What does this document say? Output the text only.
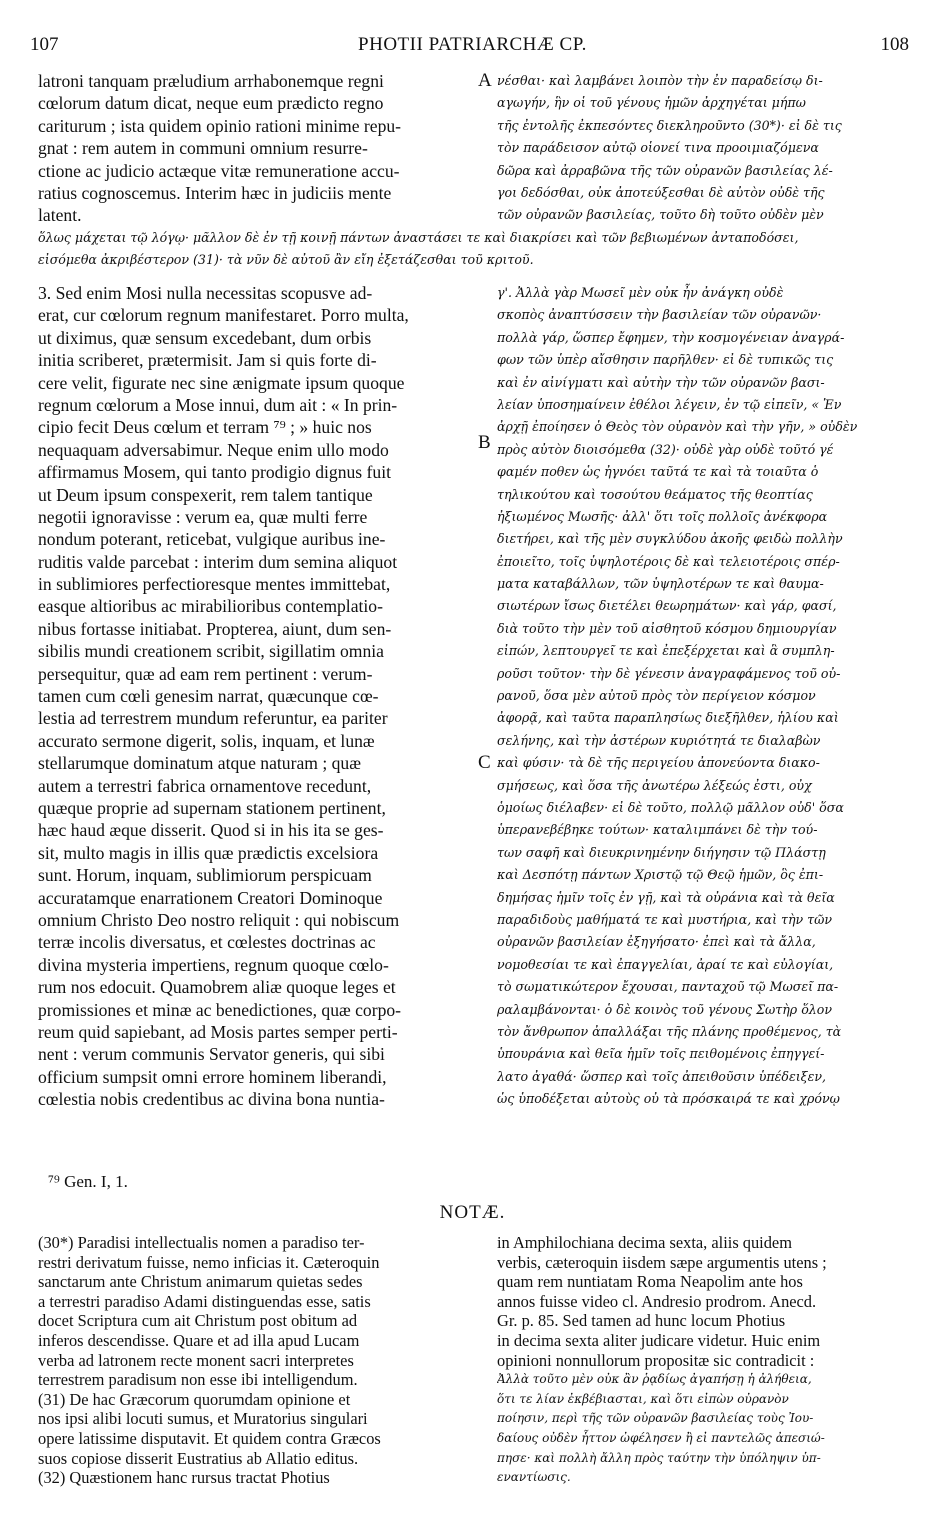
107	PHOTII PATRIARCHÆ CP.	108
A
B
C
latroni tanquam præludium arrhabonemque regni
cœlorum datum dicat, neque eum prædicto regno
cariturum ; ista quidem opinio rationi minime repu-
gnat : rem autem in communi omnium resurre-
ctione ac judicio actæque vitæ remuneratione accu-
ratius cognoscemus. Interim hæc in judiciis mente
latent.
νέσθαι· καὶ λαμβάνει λοιπὸν τὴν ἐν παραδείσῳ δι-
αγωγήν, ἣν οἱ τοῦ γένους ἡμῶν ἀρχηγέται μήπω
τῆς ἐντολῆς ἐκπεσόντες διεκληροῦντο (30*)· εἰ δὲ τις
τὸν παράδεισον αὐτῷ οἱονεί τινα προοιμιαζόμενα
δῶρα καὶ ἀρραβῶνα τῆς τῶν οὐρανῶν βασιλείας λέ-
γοι δεδόσθαι, οὐκ ἀποτεύξεσθαι δὲ αὐτὸν οὐδὲ τῆς
τῶν οὐρανῶν βασιλείας, τοῦτο δὴ τοῦτο οὐδὲν μὲν
ὅλως μάχεται τῷ λόγῳ· μᾶλλον δὲ ἐν τῇ κοινῇ πάντων ἀναστάσει τε καὶ διακρίσει καὶ τῶν βεβιωμένων ἀνταποδόσει,
εἰσόμεθα ἀκριβέστερον (31)· τὰ νῦν δὲ αὐτοῦ ἂν εἴη ἐξετάζεσθαι τοῦ κριτοῦ.
3. Sed enim Mosi nulla necessitas scopusve ad-
erat, cur cœlorum regnum manifestaret. Porro multa,
ut diximus, quæ sensum excedebant, dum orbis
initia scriberet, prætermisit. Jam si quis forte di-
cere velit, figurate nec sine ænigmate ipsum quoque
regnum cœlorum a Mose innui, dum ait : « In prin-
cipio fecit Deus cœlum et terram ⁷⁹ ; » huic nos
nequaquam adversabimur. Neque enim ullo modo
affirmamus Mosem, qui tanto prodigio dignus fuit
ut Deum ipsum conspexerit, rem talem tantique
negotii ignoravisse : verum ea, quæ multi ferre
nondum poterant, reticebat, vulgique auribus ine-
ruditis valde parcebat : interim dum semina aliquot
in sublimiores perfectioresque mentes immittebat,
easque altioribus ac mirabilioribus contemplatio-
nibus fortasse initiabat. Propterea, aiunt, dum sen-
sibilis mundi creationem scribit, sigillatim omnia
persequitur, quæ ad eam rem pertinent : verum-
tamen cum cœli genesim narrat, quæcunque cœ-
lestia ad terrestrem mundum referuntur, ea pariter
accurato sermone digerit, solis, inquam, et lunæ
stellarumque dominatum atque naturam ; quæ
autem a terrestri fabrica ornamentove recedunt,
quæque proprie ad supernam stationem pertinent,
hæc haud æque disserit. Quod si in his ita se ges-
sit, multo magis in illis quæ prædictis excelsiora
sunt. Horum, inquam, sublimiorum perspicuam
accuratamque enarrationem Creatori Dominoque
omnium Christo Deo nostro reliquit : qui nobiscum
terræ incolis diversatus, et cœlestes doctrinas ac
divina mysteria impertiens, regnum quoque cœlo-
rum nos edocuit. Quamobrem aliæ quoque leges et
promissiones et minæ ac benedictiones, quæ corpo-
reum quid sapiebant, ad Mosis partes semper perti-
nent : verum communis Servator generis, qui sibi
officium sumpsit omni errore hominem liberandi,
cœlestia nobis credentibus ac divina bona nuntia-
γ'. Ἀλλὰ γὰρ Μωσεῖ μὲν οὐκ ἦν ἀνάγκη οὐδὲ
σκοπὸς ἀναπτύσσειν τὴν βασιλείαν τῶν οὐρανῶν·
πολλὰ γάρ, ὥσπερ ἔφημεν, τὴν κοσμογένειαν ἀναγρά-
φων τῶν ὑπὲρ αἴσθησιν παρῆλθεν· εἰ δὲ τυπικῶς τις
καὶ ἐν αἰνίγματι καὶ αὐτὴν τὴν τῶν οὐρανῶν βασι-
λείαν ὑποσημαίνειν ἐθέλοι λέγειν, ἐν τῷ εἰπεῖν, « Ἐν
ἀρχῇ ἐποίησεν ὁ Θεὸς τὸν οὐρανὸν καὶ τὴν γῆν, » οὐδὲν
πρὸς αὐτὸν διοισόμεθα (32)· οὐδὲ γὰρ οὐδὲ τοῦτό γέ
φαμέν ποθεν ὡς ἠγνόει ταῦτά τε καὶ τὰ τοιαῦτα ὁ
τηλικούτου καὶ τοσούτου θεάματος τῆς θεοπτίας
ἠξιωμένος Μωσῆς· ἀλλ' ὅτι τοῖς πολλοῖς ἀνέκφορα
διετήρει, καὶ τῆς μὲν συγκλύδου ἀκοῆς φειδὼ πολλὴν
ἐποιεῖτο, τοῖς ὑψηλοτέροις δὲ καὶ τελειοτέροις σπέρ-
ματα καταβάλλων, τῶν ὑψηλοτέρων τε καὶ θαυμα-
σιωτέρων ἴσως διετέλει θεωρημάτων· καὶ γάρ, φασί,
διὰ τοῦτο τὴν μὲν τοῦ αἰσθητοῦ κόσμου δημιουργίαν
εἰπών, λεπτουργεῖ τε καὶ ἐπεξέρχεται καὶ ἃ συμπλη-
ροῦσι τοῦτον· τὴν δὲ γένεσιν ἀναγραφάμενος τοῦ οὐ-
ρανοῦ, ὅσα μὲν αὐτοῦ πρὸς τὸν περίγειον κόσμον
ἀφορᾷ, καὶ ταῦτα παραπλησίως διεξῆλθεν, ἡλίου καὶ
σελήνης, καὶ τὴν ἀστέρων κυριότητά τε διαλαβὼν
καὶ φύσιν· τὰ δὲ τῆς περιγείου ἀπονεύοντα διακο-
σμήσεως, καὶ ὅσα τῆς ἀνωτέρω λέξεώς ἐστι, οὐχ
ὁμοίως διέλαβεν· εἰ δὲ τοῦτο, πολλῷ μᾶλλον οὐδ' ὅσα
ὑπερανεβέβηκε τούτων· καταλιμπάνει δὲ τὴν τού-
των σαφῆ καὶ διευκρινημένην διήγησιν τῷ Πλάστῃ
καὶ Δεσπότῃ πάντων Χριστῷ τῷ Θεῷ ἡμῶν, ὃς ἐπι-
δημήσας ἡμῖν τοῖς ἐν γῇ, καὶ τὰ οὐράνια καὶ τὰ θεῖα
παραδιδοὺς μαθήματά τε καὶ μυστήρια, καὶ τὴν τῶν
οὐρανῶν βασιλείαν ἐξηγήσατο· ἐπεὶ καὶ τὰ ἄλλα,
νομοθεσίαι τε καὶ ἐπαγγελίαι, ἀραί τε καὶ εὐλογίαι,
τὸ σωματικώτερον ἔχουσαι, πανταχοῦ τῷ Μωσεῖ πα-
ραλαμβάνονται· ὁ δὲ κοινὸς τοῦ γένους Σωτὴρ ὅλον
τὸν ἄνθρωπον ἀπαλλάξαι τῆς πλάνης προθέμενος, τὰ
ὑπουράνια καὶ θεῖα ἡμῖν τοῖς πειθομένοις ἐπηγγεί-
λατο ἀγαθά· ὥσπερ καὶ τοῖς ἀπειθοῦσιν ὑπέδειξεν,
ὡς ὑποδέξεται αὐτοὺς οὐ τὰ πρόσκαιρά τε καὶ χρόνῳ
⁷⁹ Gen. I, 1.
NOTÆ.
(30*) Paradisi intellectualis nomen a paradiso ter-
restri derivatum fuisse, nemo inficias it. Cæteroquin
sanctarum ante Christum animarum quietas sedes
a terrestri paradiso Adami distinguendas esse, satis
docet Scriptura cum ait Christum post obitum ad
inferos descendisse. Quare et ad illa apud Lucam
verba ad latronem recte monent sacri interpretes
terrestrem paradisum non esse ibi intelligendum.
(31) De hac Græcorum quorumdam opinione et
nos ipsi alibi locuti sumus, et Muratorius singulari
opere latissime disputavit. Et quidem contra Græcos
suos copiose disserit Eustratius ab Allatio editus.
(32) Quæstionem hanc rursus tractat Photius
in Amphilochiana decima sexta, aliis quidem
verbis, cæteroquin iisdem sæpe argumentis utens ;
quam rem nuntiatam Roma Neapolim ante hos
annos fuisse video cl. Andresio prodrom. Anecd.
Gr. p. 85. Sed tamen ad hunc locum Photius
in decima sexta aliter judicare videtur. Huic enim
opinioni nonnullorum propositæ sic contradicit :
Ἀλλὰ τοῦτο μὲν οὐκ ἂν ῥᾳδίως ἀγαπήσῃ ἡ ἀλήθεια,
ὅτι τε λίαν ἐκβέβιασται, καὶ ὅτι εἰπὼν οὐρανὸν
ποίησιν, περὶ τῆς τῶν οὐρανῶν βασιλείας τοὺς Ἰου-
δαίους οὐδὲν ἧττον ὠφέλησεν ἢ εἰ παντελῶς ἀπεσιώ-
πησε· καὶ πολλὴ ἄλλη πρὸς ταύτην τὴν ὑπόληψιν ὑπ-
εναντίωσις.
